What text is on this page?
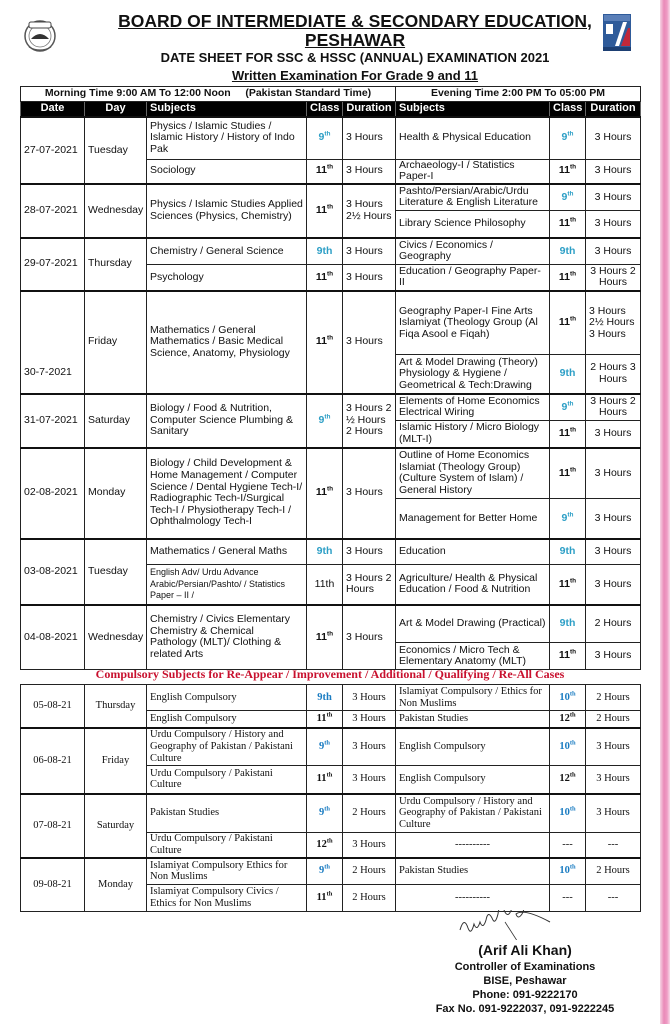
BOARD OF INTERMEDIATE & SECONDARY EDUCATION,
PESHAWAR
DATE SHEET FOR SSC & HSSC (ANNUAL) EXAMINATION 2021
Written Examination For Grade 9 and 11
Morning Time 9:00 AM To 12:00 Noon (Pakistan Standard Time)					Evening Time 2:00 PM To 05:00 PM		
Date	Day	Subjects	Class	Duration	Subjects	Class	Duration
27-07-2021	Tuesday	Physics / Islamic Studies / Islamic History / History of Indo Pak	9th	3 Hours	Health & Physical Education	9th	3 Hours
		Sociology	11th	3 Hours	Archaeology-I / Statistics Paper-I	11th	3 Hours
28-07-2021	Wednesday	Physics / Islamic Studies Applied Sciences (Physics, Chemistry)	11th	3 Hours 2½ Hours	Pashto/Persian/Arabic/Urdu Literature & English Literature	9th	3 Hours
					Library Science Philosophy	11th	3 Hours
29-07-2021	Thursday	Chemistry / General Science	9th	3 Hours	Civics / Economics / Geography	9th	3 Hours
		Psychology	11th	3 Hours	Education / Geography Paper-II	11th	3 Hours 2 Hours
30-7-2021	Friday	Mathematics / General Mathematics / Basic Medical Science, Anatomy, Physiology	11th	3 Hours	Geography Paper-I Fine Arts Islamiyat (Theology Group (Al Fiqa Asool e Fiqah)	11th	3 Hours 2½ Hours 3 Hours
					Art & Model Drawing (Theory) Physiology & Hygiene / Geometrical & Tech:Drawing	9th	2 Hours 3 Hours
31-07-2021	Saturday	Biology / Food & Nutrition, Computer Science Plumbing & Sanitary	9th	3 Hours 2 ½ Hours 2 Hours	Elements of Home Economics Electrical Wiring	9th	3 Hours 2 Hours
					Islamic History / Micro Biology (MLT-I)	11th	3 Hours
02-08-2021	Monday	Biology / Child Development & Home Management / Computer Science / Dental Hygiene Tech-I/ Radiographic Tech-I/Surgical Tech-I / Physiotherapy Tech-I / Ophthalmology Tech-I	11th	3 Hours	Outline of Home Economics Islamiat (Theology Group) (Culture System of Islam) / General History	11th	3 Hours
					Management for Better Home	9th	3 Hours
03-08-2021	Tuesday	Mathematics / General Maths	9th	3 Hours	Education	9th	3 Hours
		English Adv/ Urdu Advance Arabic/Persian/Pashto/ / Statistics Paper – II /	11th	3 Hours 2 Hours	Agriculture/ Health & Physical Education / Food & Nutrition	11th	3 Hours
04-08-2021	Wednesday	Chemistry / Civics Elementary Chemistry & Chemical Pathology (MLT)/ Clothing & related Arts	11th	3 Hours	Art & Model Drawing (Practical)	9th	2 Hours
					Economics / Micro Tech & Elementary Anatomy (MLT)	11th	3 Hours
Compulsory Subjects for Re-Appear / Improvement / Additional / Qualifying / Re-All Cases
05-08-21	Thursday	English Compulsory	9th	3 Hours	Islamiyat Compulsory / Ethics for Non Muslims	10th	2 Hours
		English Compulsory	11th	3 Hours	Pakistan Studies	12th	2 Hours
06-08-21	Friday	Urdu Compulsory / History and Geography of Pakistan / Pakistani Culture	9th	3 Hours	English Compulsory	10th	3 Hours
		Urdu Compulsory / Pakistani Culture	11th	3 Hours	English Compulsory	12th	3 Hours
07-08-21	Saturday	Pakistan Studies	9th	2 Hours	Urdu Compulsory / History and Geography of Pakistan / Pakistani Culture	10th	3 Hours
		Urdu Compulsory / Pakistani Culture	12th	3 Hours	----------	---	---
09-08-21	Monday	Islamiyat Compulsory Ethics for Non Muslims	9th	2 Hours	Pakistan Studies	10th	2 Hours
		Islamiyat Compulsory Civics / Ethics for Non Muslims	11th	2 Hours	----------	---	---
(Arif Ali Khan)
Controller of Examinations
BISE, Peshawar
Phone: 091-9222170
Fax No. 091-9222037, 091-9222245
